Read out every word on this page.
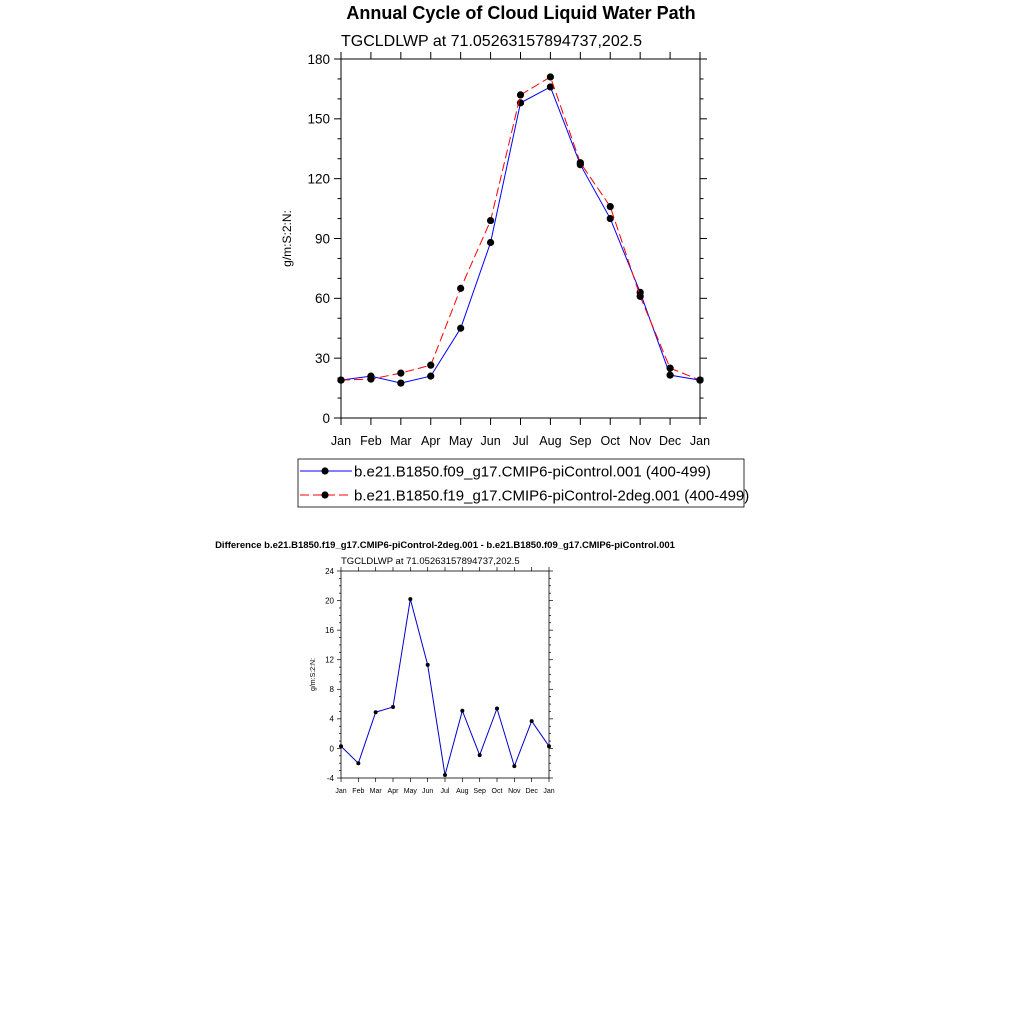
Annual Cycle of Cloud Liquid Water Path
TGCLDLWP at 71.05263157894737,202.5
0
30
60
90
120
150
180
Jan Feb Mar Apr May Jun Jul Aug Sep Oct Nov Dec Jan
g/m:S:2:N:
b.e21.B1850.f09_g17.CMIP6-piControl.001 (400-499)
b.e21.B1850.f19_g17.CMIP6-piControl-2deg.001 (400-499)
Difference b.e21.B1850.f19_g17.CMIP6-piControl-2deg.001 - b.e21.B1850.f09_g17.CMIP6-piControl.001
TGCLDLWP at 71.05263157894737,202.5
-4
0
4
8
12
16
20
24
Jan Feb Mar Apr May Jun Jul Aug Sep Oct Nov Dec Jan
g/m:S:2:N:
